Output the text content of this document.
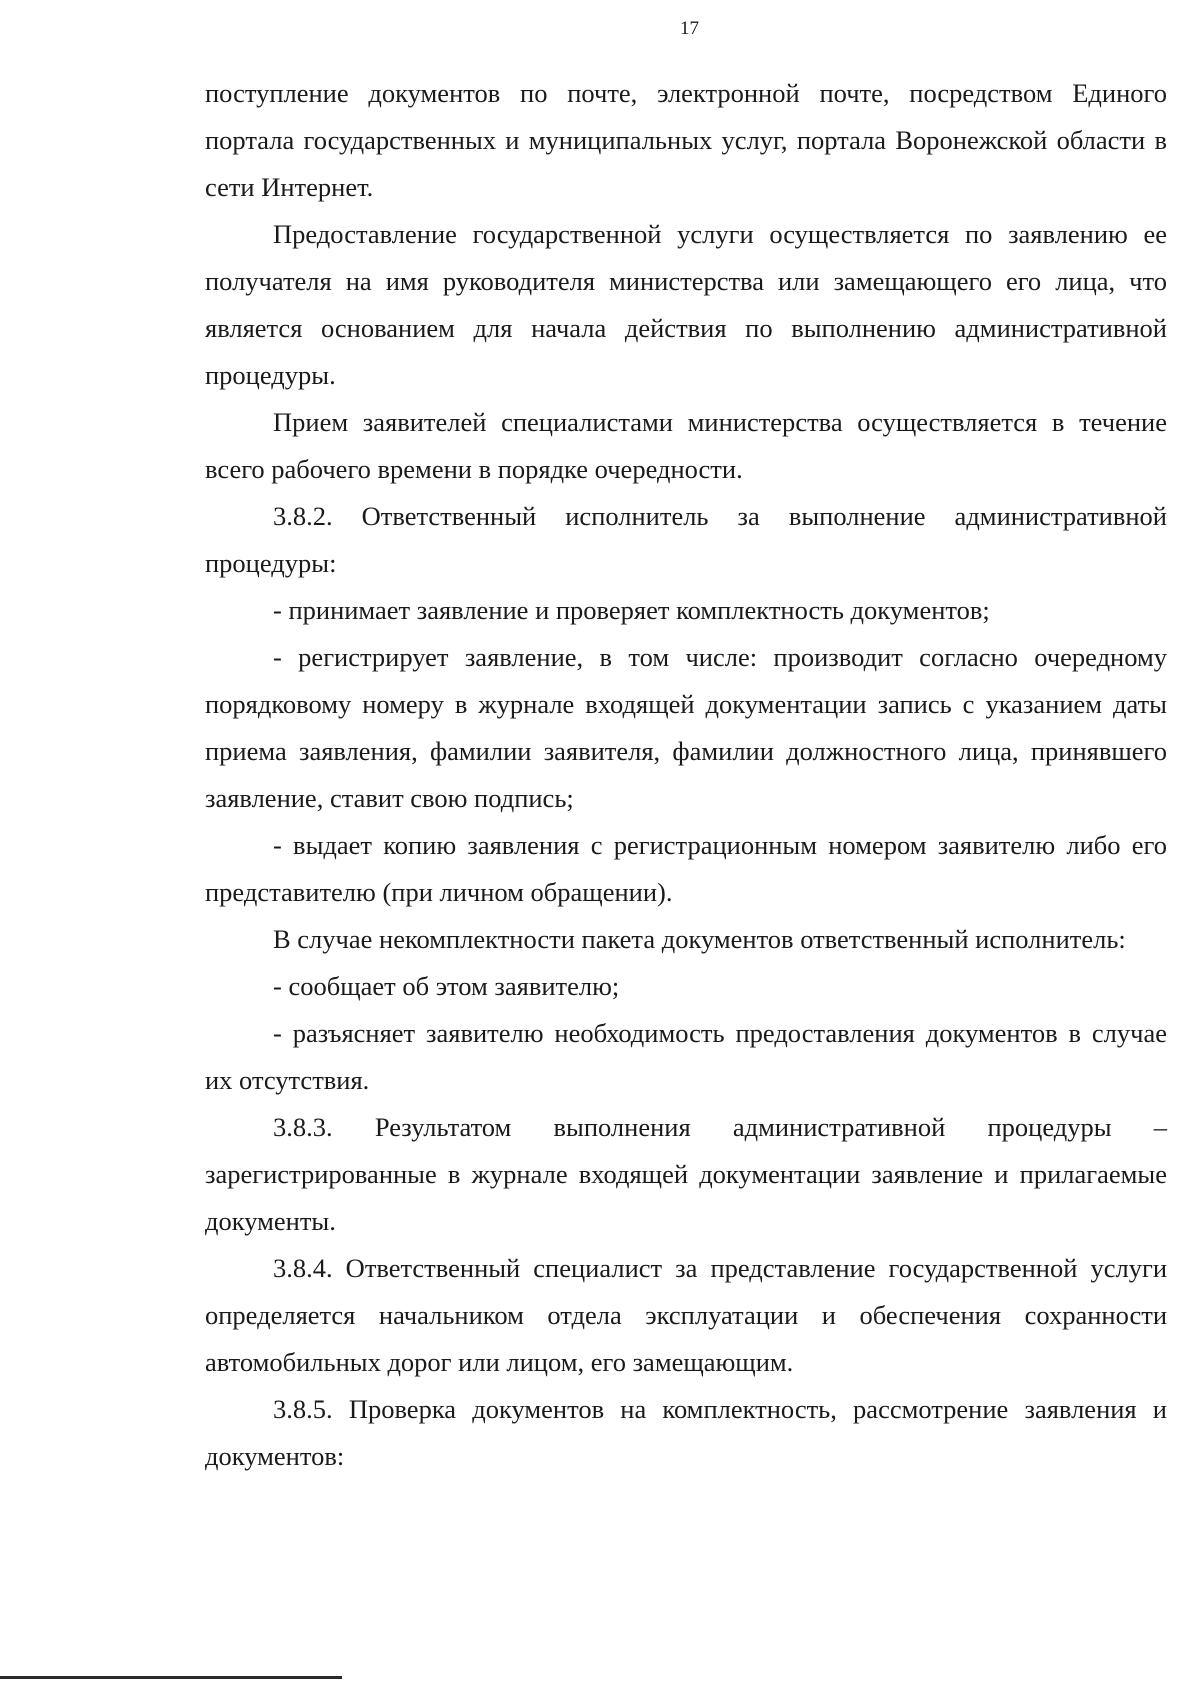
17

поступление документов по почте, электронной почте, посредством Единого портала государственных и муниципальных услуг, портала Воронежской области в сети Интернет.

Предоставление государственной услуги осуществляется по заявлению ее получателя на имя руководителя министерства или замещающего его лица, что является основанием для начала действия по выполнению административной процедуры.

Прием заявителей специалистами министерства осуществляется в течение всего рабочего времени в порядке очередности.

3.8.2. Ответственный исполнитель за выполнение административной процедуры:

- принимает заявление и проверяет комплектность документов;

- регистрирует заявление, в том числе: производит согласно очередному порядковому номеру в журнале входящей документации запись с указанием даты приема заявления, фамилии заявителя, фамилии должностного лица, принявшего заявление, ставит свою подпись;

- выдает копию заявления с регистрационным номером заявителю либо его представителю (при личном обращении).

В случае некомплектности пакета документов ответственный исполнитель:

- сообщает об этом заявителю;

- разъясняет заявителю необходимость предоставления документов в случае их отсутствия.

3.8.3. Результатом выполнения административной процедуры – зарегистрированные в журнале входящей документации заявление и прилагаемые документы.

3.8.4. Ответственный специалист за представление государственной услуги определяется начальником отдела эксплуатации и обеспечения сохранности автомобильных дорог или лицом, его замещающим.

3.8.5. Проверка документов на комплектность, рассмотрение заявления и документов:
